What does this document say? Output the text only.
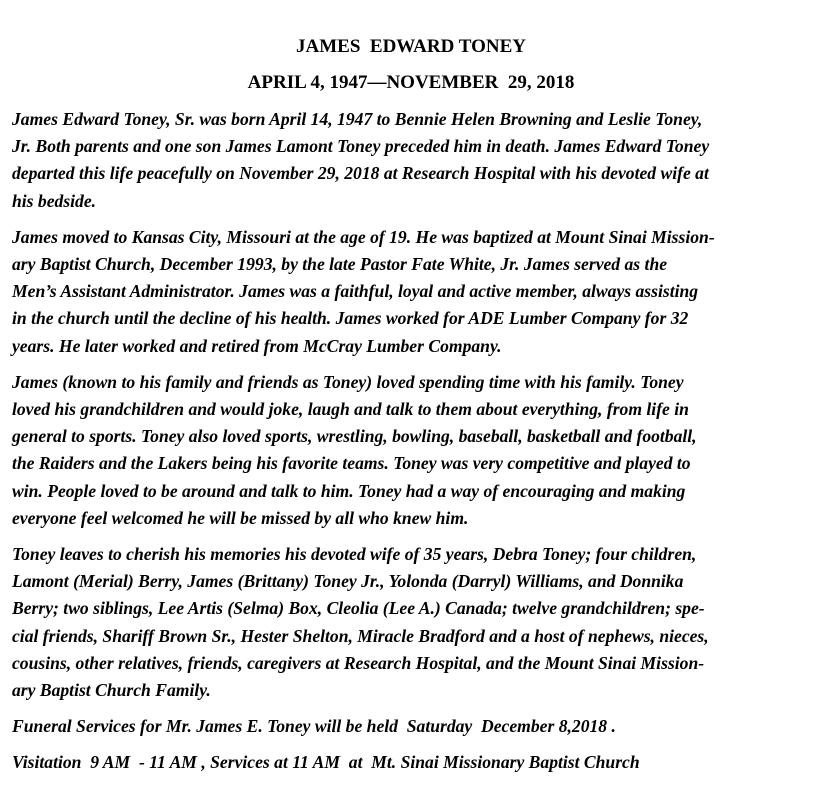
JAMES  EDWARD TONEY
APRIL 4, 1947—NOVEMBER  29, 2018

James Edward Toney, Sr. was born April 14, 1947 to Bennie Helen Browning and Leslie Toney,
Jr. Both parents and one son James Lamont Toney preceded him in death. James Edward Toney
departed this life peacefully on November 29, 2018 at Research Hospital with his devoted wife at
his bedside.

James moved to Kansas City, Missouri at the age of 19. He was baptized at Mount Sinai Mission-
ary Baptist Church, December 1993, by the late Pastor Fate White, Jr. James served as the
Men’s Assistant Administrator. James was a faithful, loyal and active member, always assisting
in the church until the decline of his health. James worked for ADE Lumber Company for 32
years. He later worked and retired from McCray Lumber Company.

James (known to his family and friends as Toney) loved spending time with his family. Toney
loved his grandchildren and would joke, laugh and talk to them about everything, from life in
general to sports. Toney also loved sports, wrestling, bowling, baseball, basketball and football,
the Raiders and the Lakers being his favorite teams. Toney was very competitive and played to
win. People loved to be around and talk to him. Toney had a way of encouraging and making
everyone feel welcomed he will be missed by all who knew him.

Toney leaves to cherish his memories his devoted wife of 35 years, Debra Toney; four children,
Lamont (Merial) Berry, James (Brittany) Toney Jr., Yolonda (Darryl) Williams, and Donnika
Berry; two siblings, Lee Artis (Selma) Box, Cleolia (Lee A.) Canada; twelve grandchildren; spe-
cial friends, Shariff Brown Sr., Hester Shelton, Miracle Bradford and a host of nephews, nieces,
cousins, other relatives, friends, caregivers at Research Hospital, and the Mount Sinai Mission-
ary Baptist Church Family.

Funeral Services for Mr. James E. Toney will be held  Saturday  December 8,2018 .

Visitation  9 AM  - 11 AM , Services at 11 AM  at  Mt. Sinai Missionary Baptist Church
